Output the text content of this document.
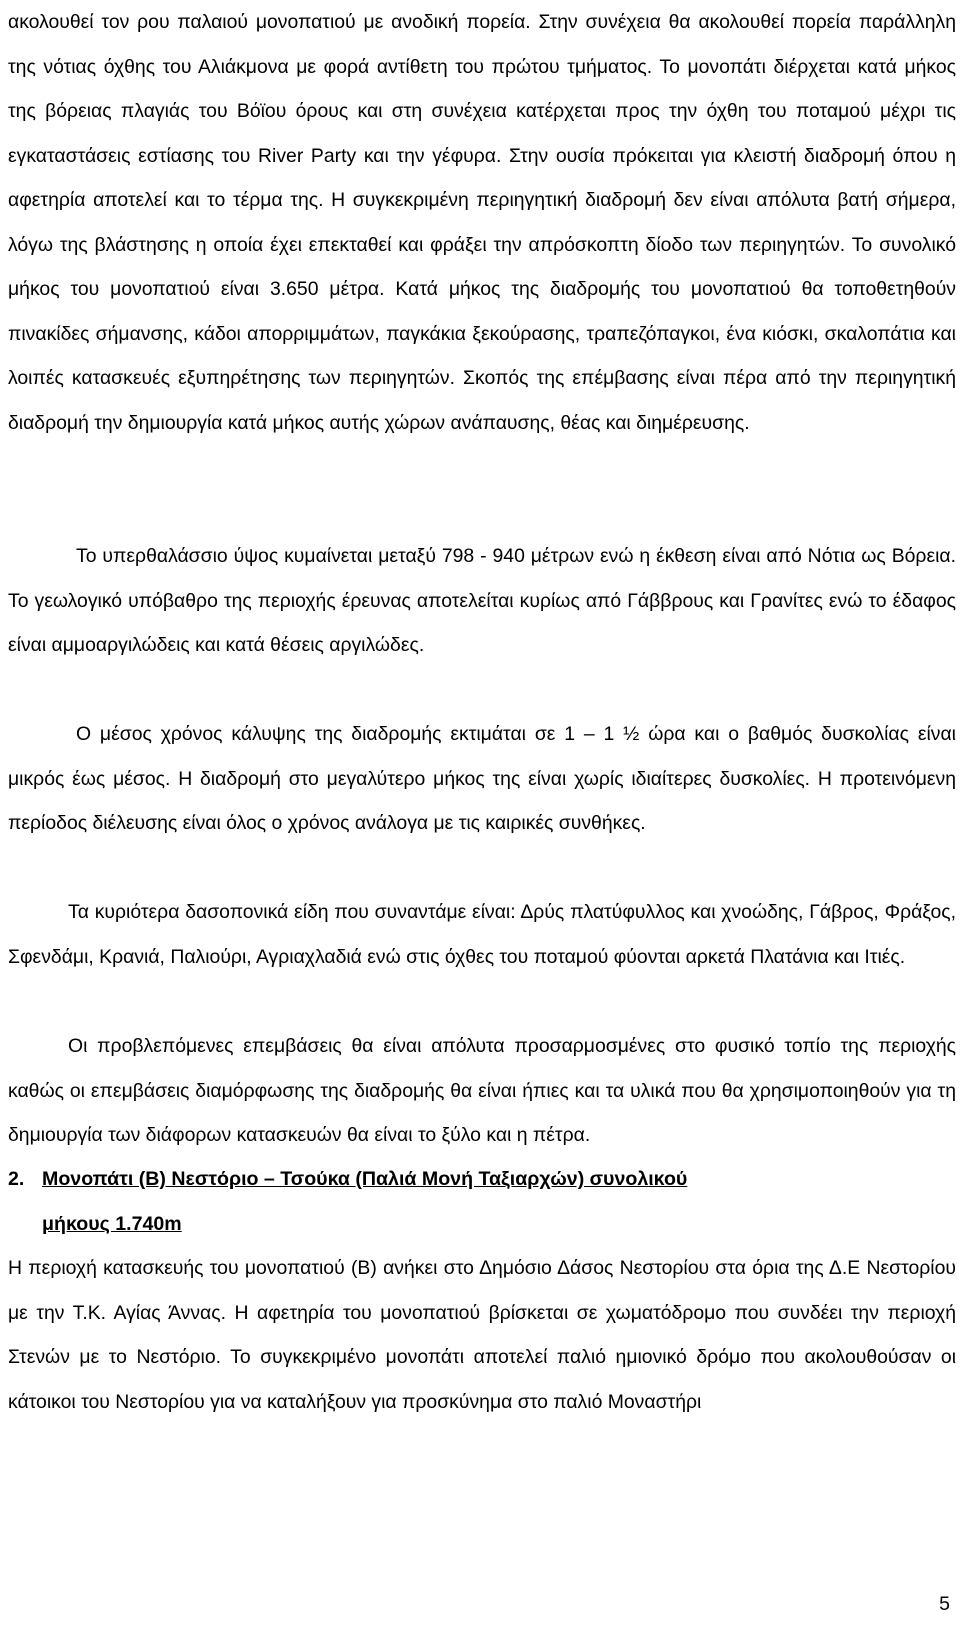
ακολουθεί τον ρου παλαιού μονοπατιού με ανοδική πορεία. Στην συνέχεια θα ακολουθεί πορεία παράλληλη της νότιας όχθης του Αλιάκμονα με φορά αντίθετη του πρώτου τμήματος. Το μονοπάτι διέρχεται κατά μήκος της βόρειας πλαγιάς του Βόϊου όρους και στη συνέχεια κατέρχεται προς την όχθη του ποταμού μέχρι τις εγκαταστάσεις εστίασης του River Party και την γέφυρα. Στην ουσία πρόκειται για κλειστή διαδρομή όπου η αφετηρία αποτελεί και το τέρμα της. Η συγκεκριμένη περιηγητική διαδρομή δεν είναι απόλυτα βατή σήμερα, λόγω της βλάστησης η οποία έχει επεκταθεί και φράξει την απρόσκοπτη δίοδο των περιηγητών. Το συνολικό μήκος του μονοπατιού είναι 3.650 μέτρα. Κατά μήκος της διαδρομής του μονοπατιού θα τοποθετηθούν πινακίδες σήμανσης, κάδοι απορριμμάτων, παγκάκια ξεκούρασης, τραπεζόπαγκοι, ένα κιόσκι, σκαλοπάτια και λοιπές κατασκευές εξυπηρέτησης των περιηγητών. Σκοπός της επέμβασης είναι πέρα από την περιηγητική διαδρομή την δημιουργία κατά μήκος αυτής χώρων ανάπαυσης, θέας και διημέρευσης.

Το υπερθαλάσσιο ύψος κυμαίνεται μεταξύ 798 - 940 μέτρων ενώ η έκθεση είναι από Νότια ως Βόρεια. Το γεωλογικό υπόβαθρο της περιοχής έρευνας αποτελείται κυρίως από Γάββρους και Γρανίτες ενώ το έδαφος είναι αμμοαργιλώδεις και κατά θέσεις αργιλώδες.

Ο μέσος χρόνος κάλυψης της διαδρομής εκτιμάται σε 1 – 1 ½ ώρα και ο βαθμός δυσκολίας είναι μικρός έως μέσος. Η διαδρομή στο μεγαλύτερο μήκος της είναι χωρίς ιδιαίτερες δυσκολίες. Η προτεινόμενη περίοδος διέλευσης είναι όλος ο χρόνος ανάλογα με τις καιρικές συνθήκες.

Τα κυριότερα δασοπονικά είδη που συναντάμε είναι: Δρύς πλατύφυλλος και χνοώδης, Γάβρος, Φράξος, Σφενδάμι, Κρανιά, Παλιούρι, Αγριαχλαδιά ενώ στις όχθες του ποταμού φύονται αρκετά Πλατάνια και Ιτιές.

Οι προβλεπόμενες επεμβάσεις θα είναι απόλυτα προσαρμοσμένες στο φυσικό τοπίο της περιοχής καθώς οι επεμβάσεις διαμόρφωσης της διαδρομής θα είναι ήπιες και τα υλικά που θα χρησιμοποιηθούν για τη δημιουργία των διάφορων κατασκευών θα είναι το ξύλο και η πέτρα.

2. Μονοπάτι (Β) Νεστόριο – Τσούκα (Παλιά Μονή Ταξιαρχών) συνολικού
μήκους 1.740m

Η περιοχή κατασκευής του μονοπατιού (Β) ανήκει στο Δημόσιο Δάσος Νεστορίου στα όρια της Δ.Ε Νεστορίου με την Τ.Κ. Αγίας Άννας. Η αφετηρία του μονοπατιού βρίσκεται σε χωματόδρομο που συνδέει την περιοχή Στενών με το Νεστόριο. Το συγκεκριμένο μονοπάτι αποτελεί παλιό ημιονικό δρόμο που ακολουθούσαν οι κάτοικοι του Νεστορίου για να καταλήξουν για προσκύνημα στο παλιό Μοναστήρι

5
